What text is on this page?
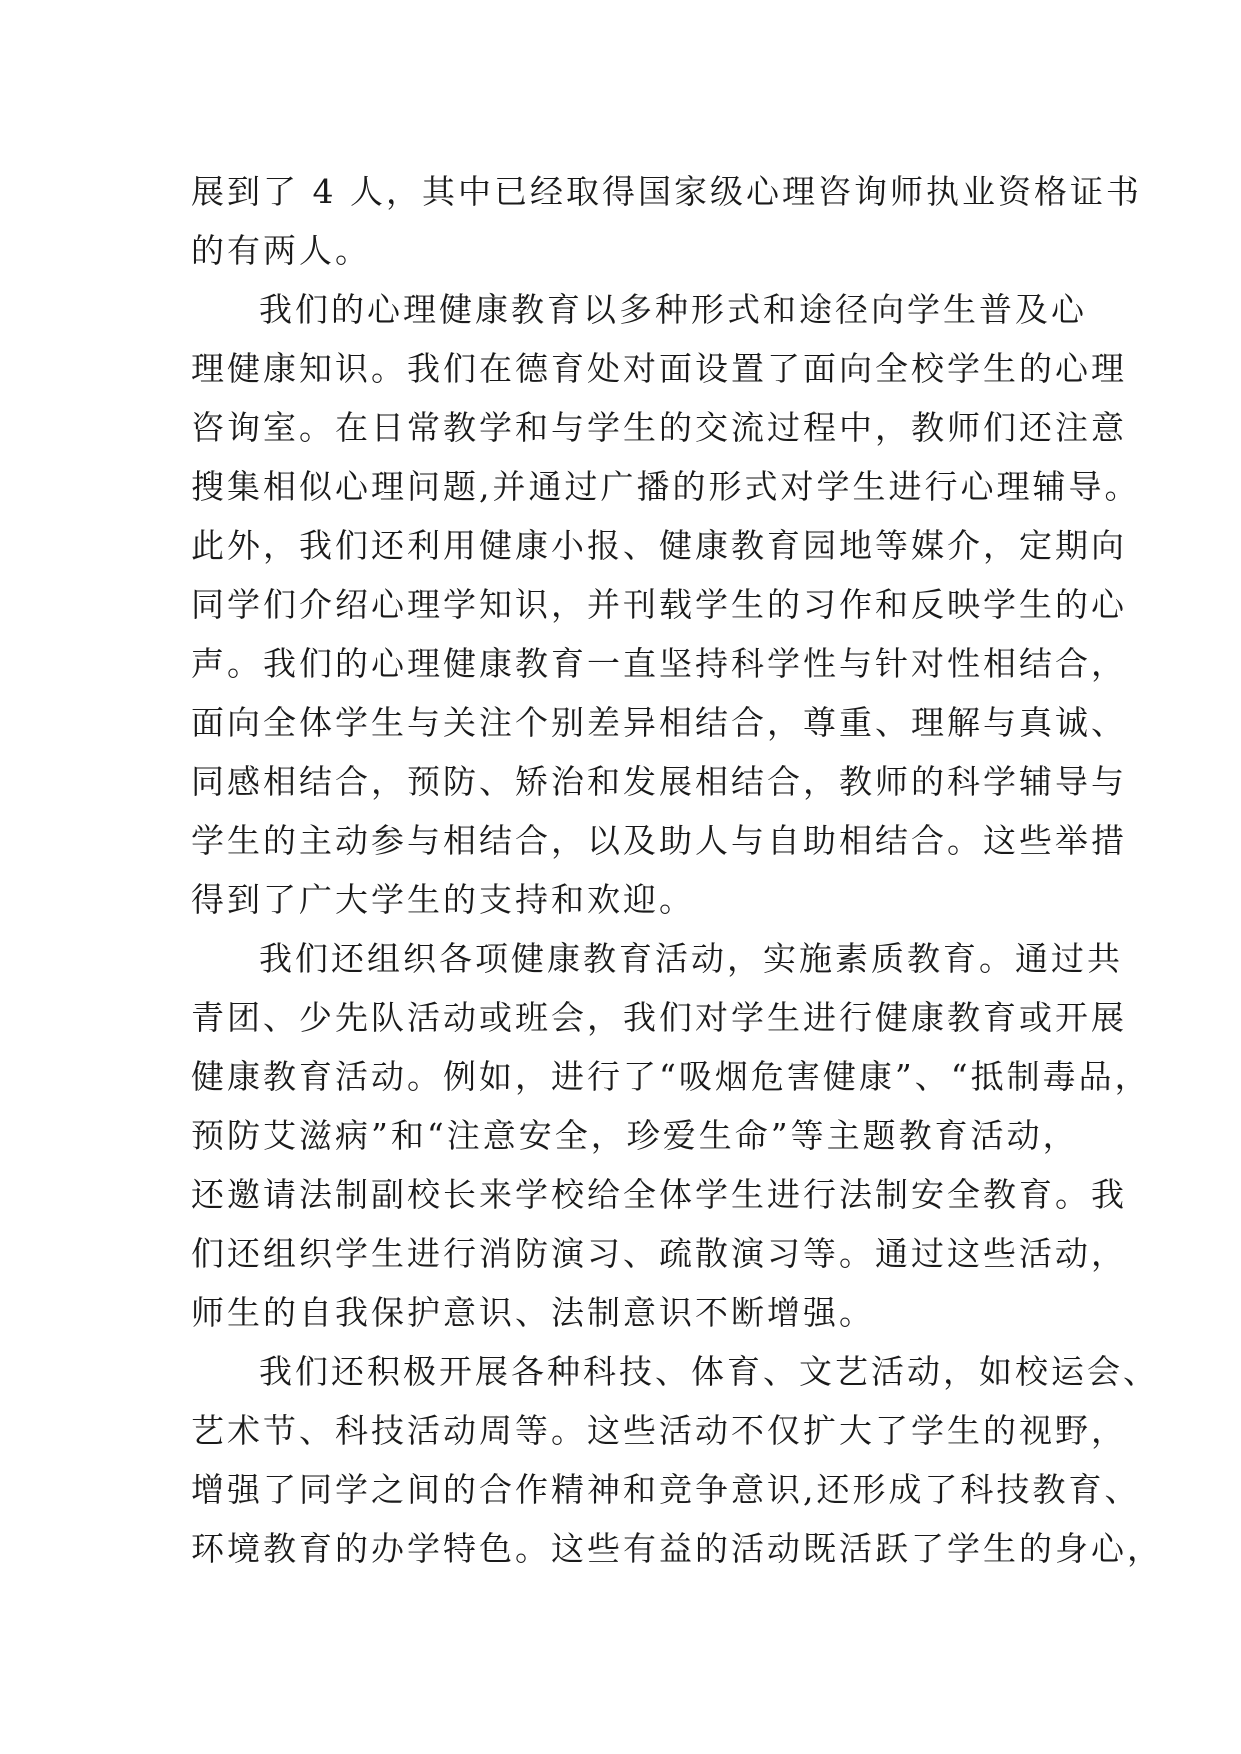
展到了 4 人，其中已经取得国家级心理咨询师执业资格证书
的有两人。
我们的心理健康教育以多种形式和途径向学生普及心
理健康知识。我们在德育处对面设置了面向全校学生的心理
咨询室。在日常教学和与学生的交流过程中，教师们还注意
搜集相似心理问题,并通过广播的形式对学生进行心理辅导。
此外，我们还利用健康小报、健康教育园地等媒介，定期向
同学们介绍心理学知识，并刊载学生的习作和反映学生的心
声。我们的心理健康教育一直坚持科学性与针对性相结合，
面向全体学生与关注个别差异相结合，尊重、理解与真诚、
同感相结合，预防、矫治和发展相结合，教师的科学辅导与
学生的主动参与相结合，以及助人与自助相结合。这些举措
得到了广大学生的支持和欢迎。
我们还组织各项健康教育活动，实施素质教育。通过共
青团、少先队活动或班会，我们对学生进行健康教育或开展
健康教育活动。例如，进行了“吸烟危害健康”、“抵制毒品，
预防艾滋病”和“注意安全，珍爱生命”等主题教育活动，
还邀请法制副校长来学校给全体学生进行法制安全教育。我
们还组织学生进行消防演习、疏散演习等。通过这些活动，
师生的自我保护意识、法制意识不断增强。
我们还积极开展各种科技、体育、文艺活动，如校运会、
艺术节、科技活动周等。这些活动不仅扩大了学生的视野，
增强了同学之间的合作精神和竞争意识,还形成了科技教育、
环境教育的办学特色。这些有益的活动既活跃了学生的身心，
